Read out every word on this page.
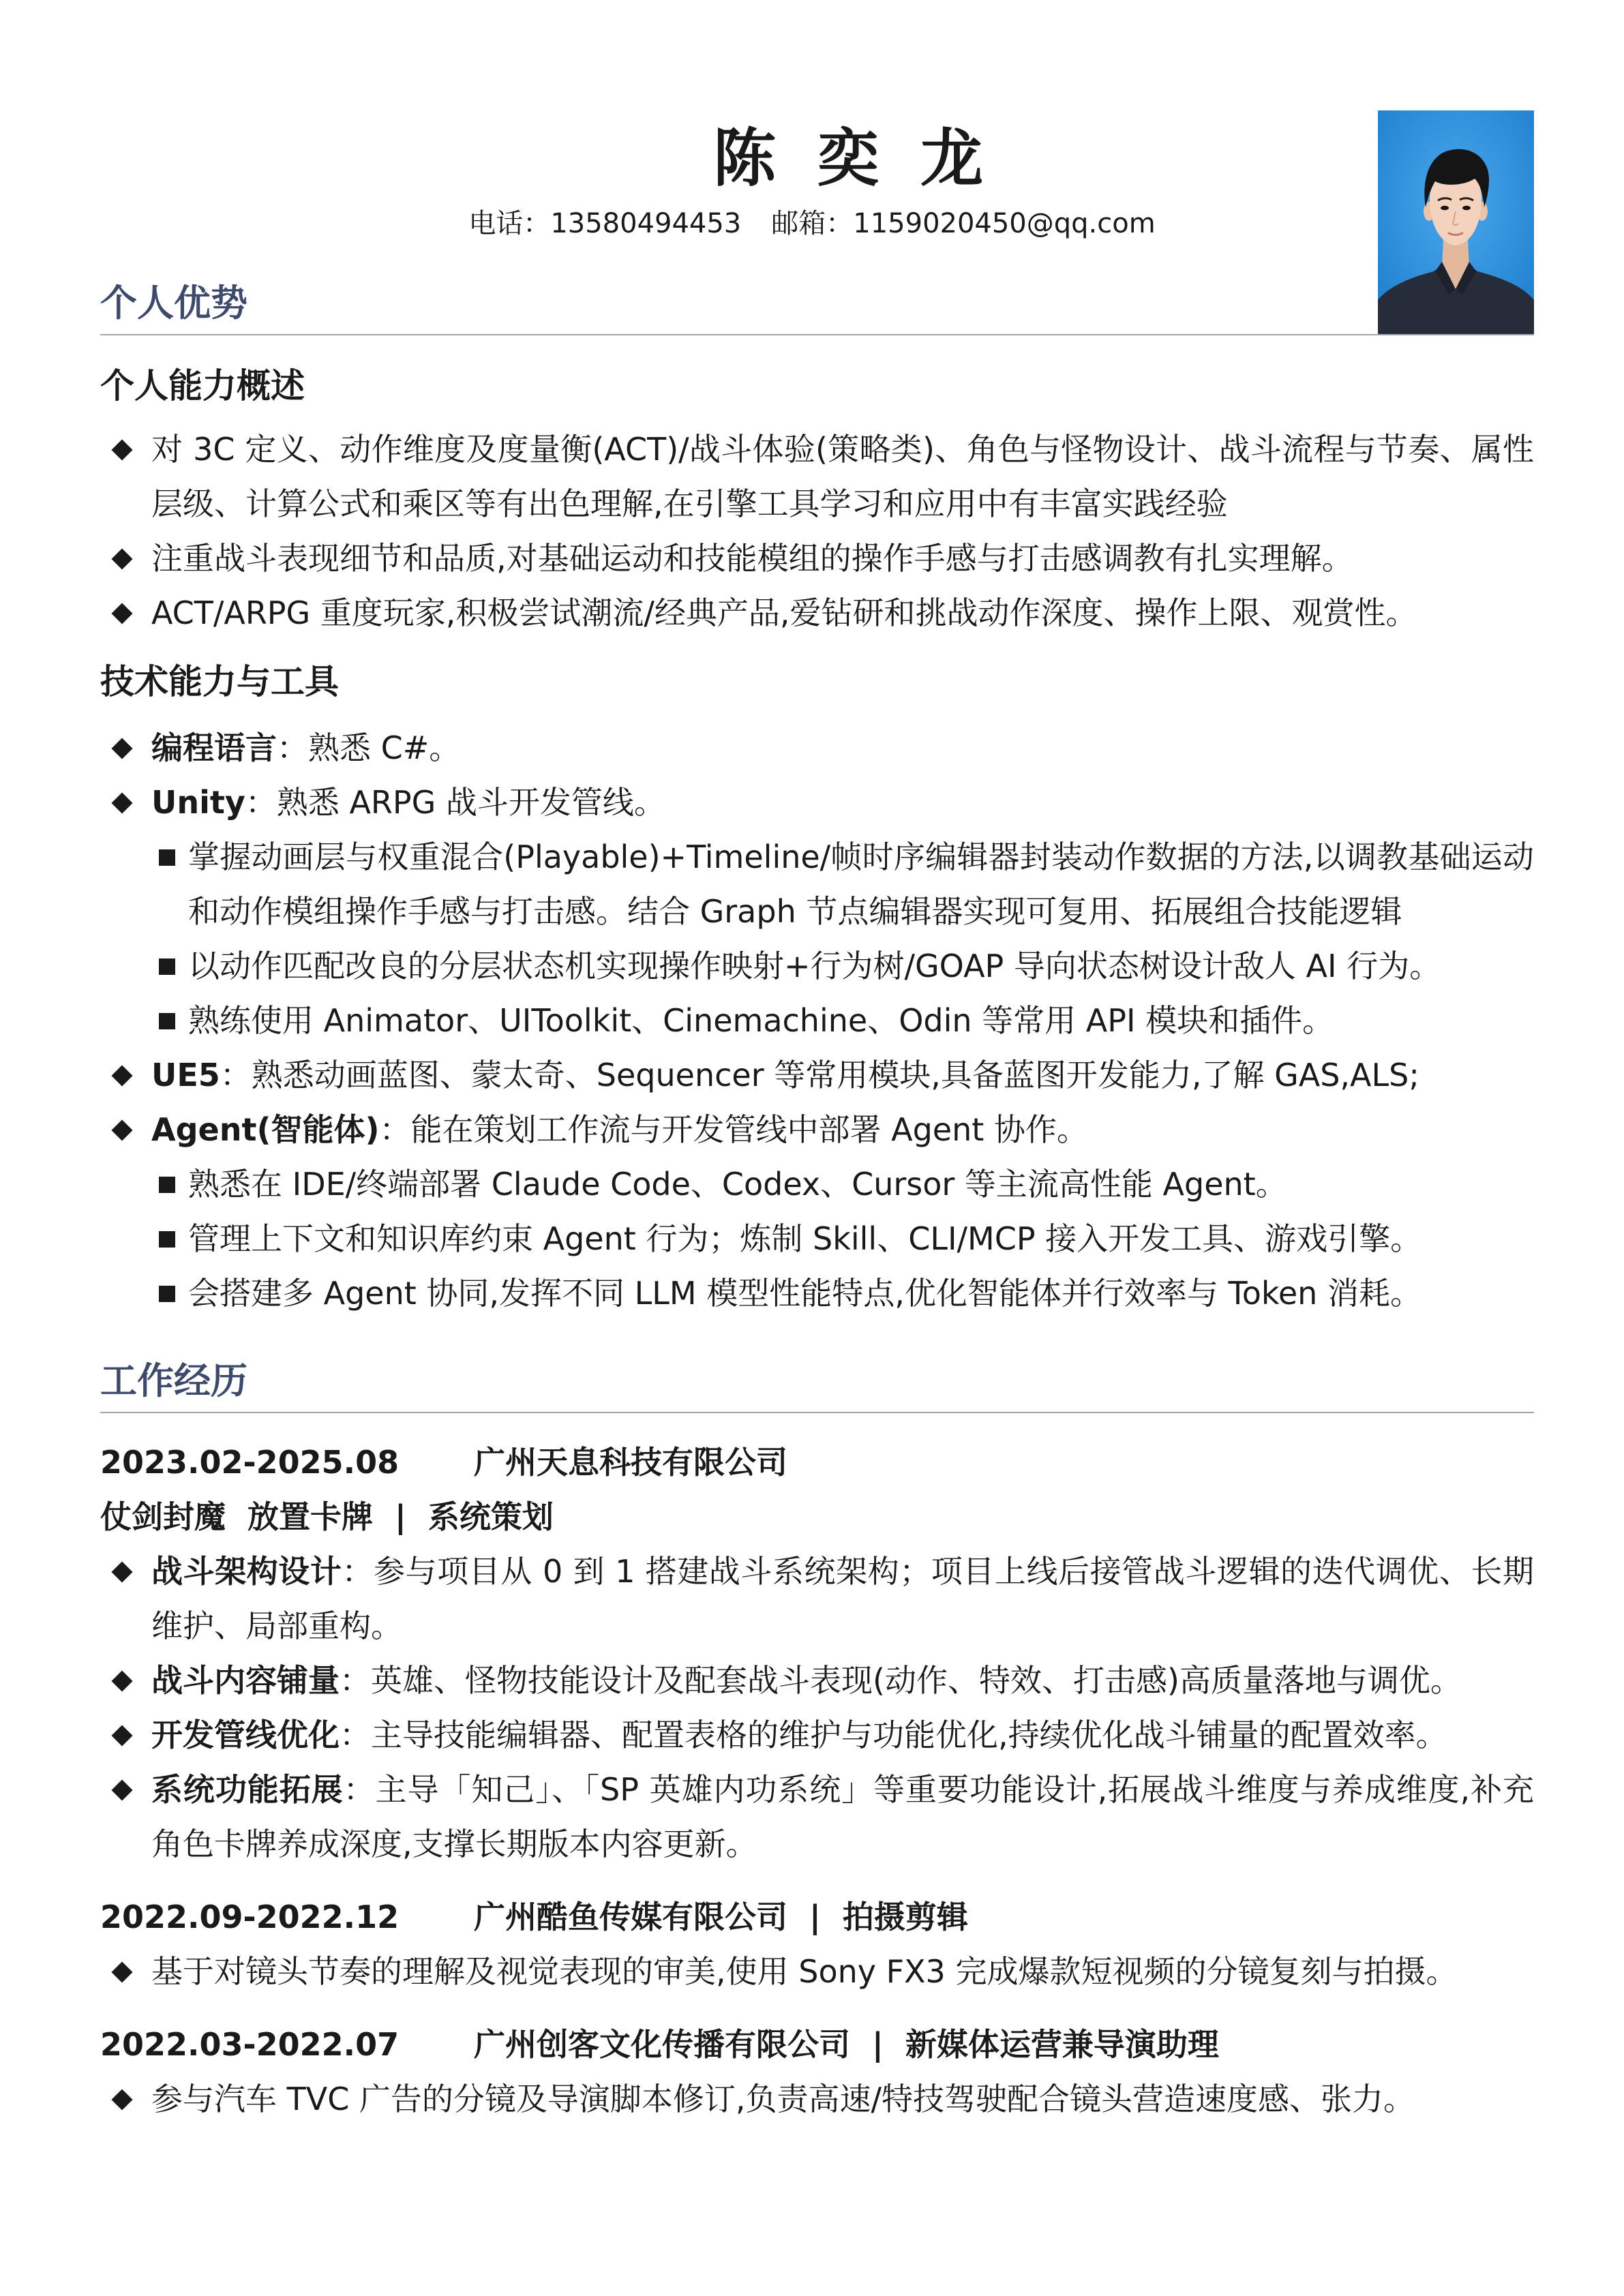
陈 奕 龙
电话：13580494453 邮箱：1159020450@qq.com
个人优势
个人能力概述
对 3C 定义、动作维度及度量衡(ACT)/战斗体验(策略类)、角色与怪物设计、战斗流程与节奏、属性层级、计算公式和乘区等有出色理解,在引擎工具学习和应用中有丰富实践经验
注重战斗表现细节和品质,对基础运动和技能模组的操作手感与打击感调教有扎实理解。
ACT/ARPG 重度玩家,积极尝试潮流/经典产品,爱钻研和挑战动作深度、操作上限、观赏性。
技术能力与工具
编程语言：熟悉 C#。
Unity：熟悉 ARPG 战斗开发管线。
掌握动画层与权重混合(Playable)+Timeline/帧时序编辑器封装动作数据的方法,以调教基础运动和动作模组操作手感与打击感。结合 Graph 节点编辑器实现可复用、拓展组合技能逻辑
以动作匹配改良的分层状态机实现操作映射+行为树/GOAP 导向状态树设计敌人 AI 行为。
熟练使用 Animator、UIToolkit、Cinemachine、Odin 等常用 API 模块和插件。
UE5：熟悉动画蓝图、蒙太奇、Sequencer 等常用模块,具备蓝图开发能力,了解 GAS,ALS;
Agent(智能体)：能在策划工作流与开发管线中部署 Agent 协作。
熟悉在 IDE/终端部署 Claude Code、Codex、Cursor 等主流高性能 Agent。
管理上下文和知识库约束 Agent 行为；炼制 Skill、CLI/MCP 接入开发工具、游戏引擎。
会搭建多 Agent 协同,发挥不同 LLM 模型性能特点,优化智能体并行效率与 Token 消耗。
工作经历
2023.02-2025.08	广州天息科技有限公司
仗剑封魔  放置卡牌  |  系统策划
战斗架构设计：参与项目从 0 到 1 搭建战斗系统架构；项目上线后接管战斗逻辑的迭代调优、长期维护、局部重构。
战斗内容铺量：英雄、怪物技能设计及配套战斗表现(动作、特效、打击感)高质量落地与调优。
开发管线优化：主导技能编辑器、配置表格的维护与功能优化,持续优化战斗铺量的配置效率。
系统功能拓展：主导「知己」、「SP 英雄内功系统」等重要功能设计,拓展战斗维度与养成维度,补充角色卡牌养成深度,支撑长期版本内容更新。
2022.09-2022.12	广州酷鱼传媒有限公司  |  拍摄剪辑
基于对镜头节奏的理解及视觉表现的审美,使用 Sony FX3 完成爆款短视频的分镜复刻与拍摄。
2022.03-2022.07	广州创客文化传播有限公司  |  新媒体运营兼导演助理
参与汽车 TVC 广告的分镜及导演脚本修订,负责高速/特技驾驶配合镜头营造速度感、张力。
